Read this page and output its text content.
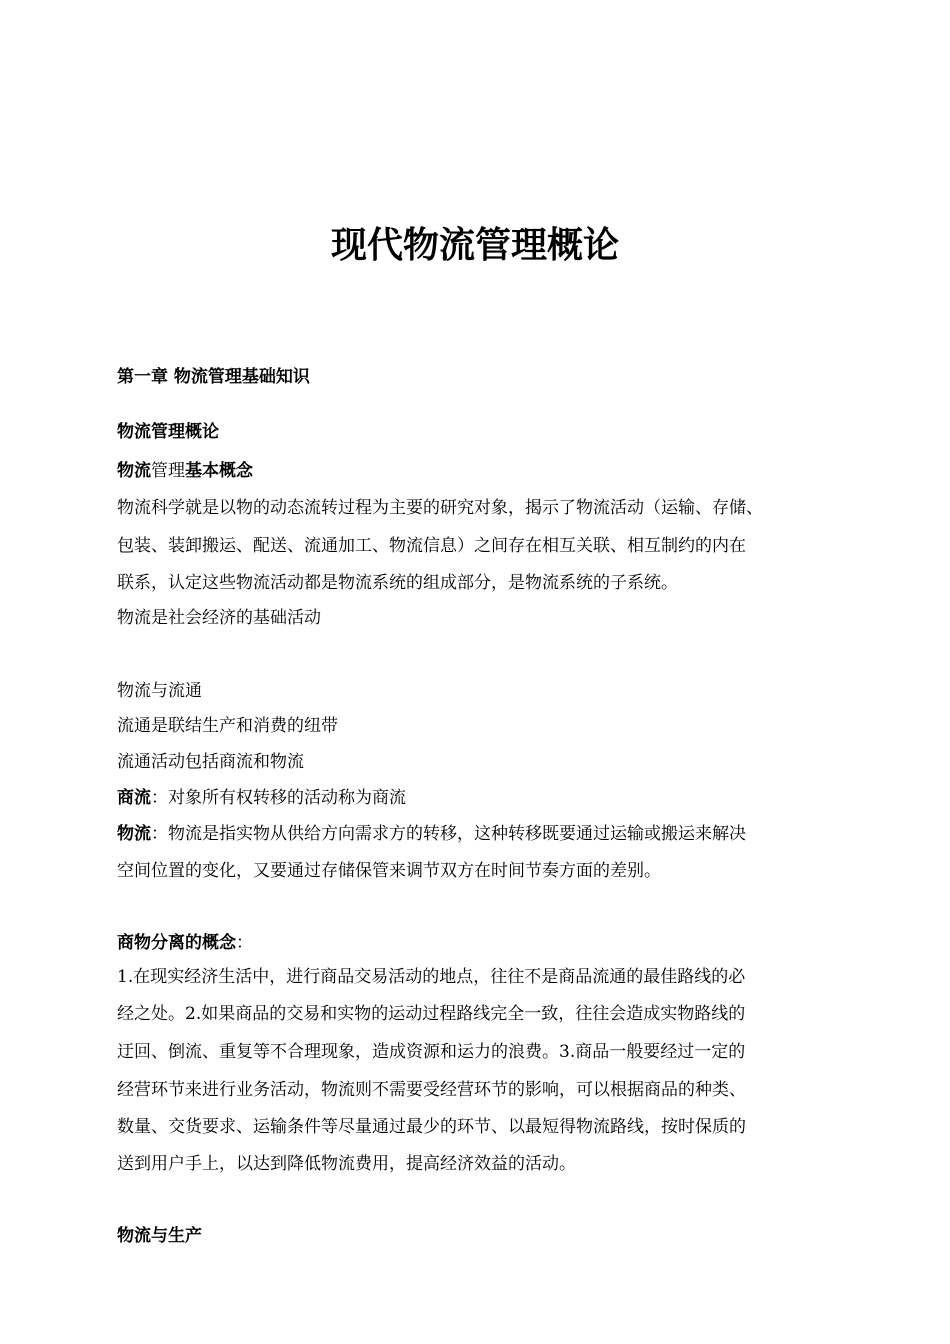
现代物流管理概论
第一章 物流管理基础知识
物流管理概论
物流管理基本概念
物流科学就是以物的动态流转过程为主要的研究对象，揭示了物流活动（运输、存储、
包装、装卸搬运、配送、流通加工、物流信息）之间存在相互关联、相互制约的内在
联系，认定这些物流活动都是物流系统的组成部分，是物流系统的子系统。
物流是社会经济的基础活动
物流与流通
流通是联结生产和消费的纽带
流通活动包括商流和物流
商流：对象所有权转移的活动称为商流
物流：物流是指实物从供给方向需求方的转移，这种转移既要通过运输或搬运来解决
空间位置的变化，又要通过存储保管来调节双方在时间节奏方面的差别。
商物分离的概念：
1.在现实经济生活中，进行商品交易活动的地点，往往不是商品流通的最佳路线的必
经之处。2.如果商品的交易和实物的运动过程路线完全一致，往往会造成实物路线的
迂回、倒流、重复等不合理现象，造成资源和运力的浪费。3.商品一般要经过一定的
经营环节来进行业务活动，物流则不需要受经营环节的影响，可以根据商品的种类、
数量、交货要求、运输条件等尽量通过最少的环节、以最短得物流路线，按时保质的
送到用户手上，以达到降低物流费用，提高经济效益的活动。
物流与生产
